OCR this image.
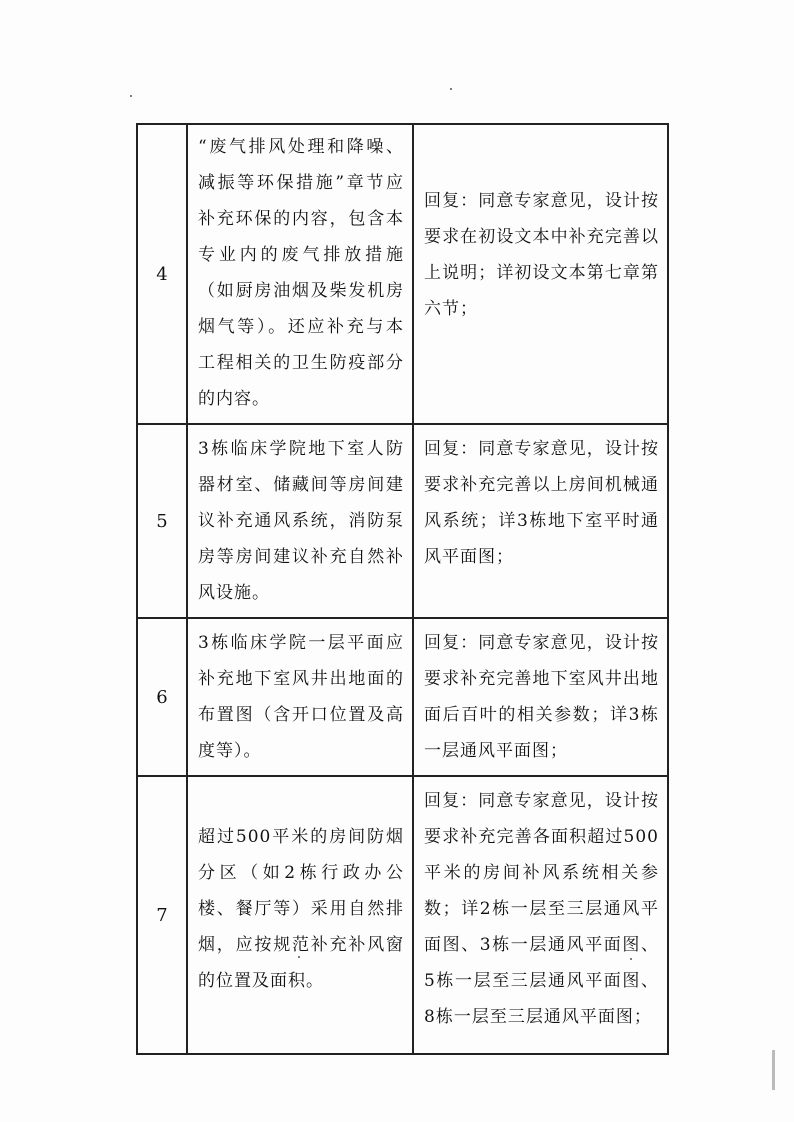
4	“废气排风处理和降噪、减振等环保措施”章节应补充环保的内容，包含本专业内的废气排放措施（如厨房油烟及柴发机房烟气等）。还应补充与本工程相关的卫生防疫部分的内容。	回复：同意专家意见，设计按要求在初设文本中补充完善以上说明；详初设文本第七章第六节；

5	3栋临床学院地下室人防器材室、储藏间等房间建议补充通风系统，消防泵房等房间建议补充自然补风设施。	回复：同意专家意见，设计按要求补充完善以上房间机械通风系统；详3栋地下室平时通风平面图；

6	3栋临床学院一层平面应补充地下室风井出地面的布置图（含开口位置及高度等）。	回复：同意专家意见，设计按要求补充完善地下室风井出地面后百叶的相关参数；详3栋一层通风平面图；

7	超过500平米的房间防烟分区（如2栋行政办公楼、餐厅等）采用自然排烟，应按规范补充补风窗的位置及面积。	回复：同意专家意见，设计按要求补充完善各面积超过500平米的房间补风系统相关参数；详2栋一层至三层通风平面图、3栋一层通风平面图、5栋一层至三层通风平面图、8栋一层至三层通风平面图；
